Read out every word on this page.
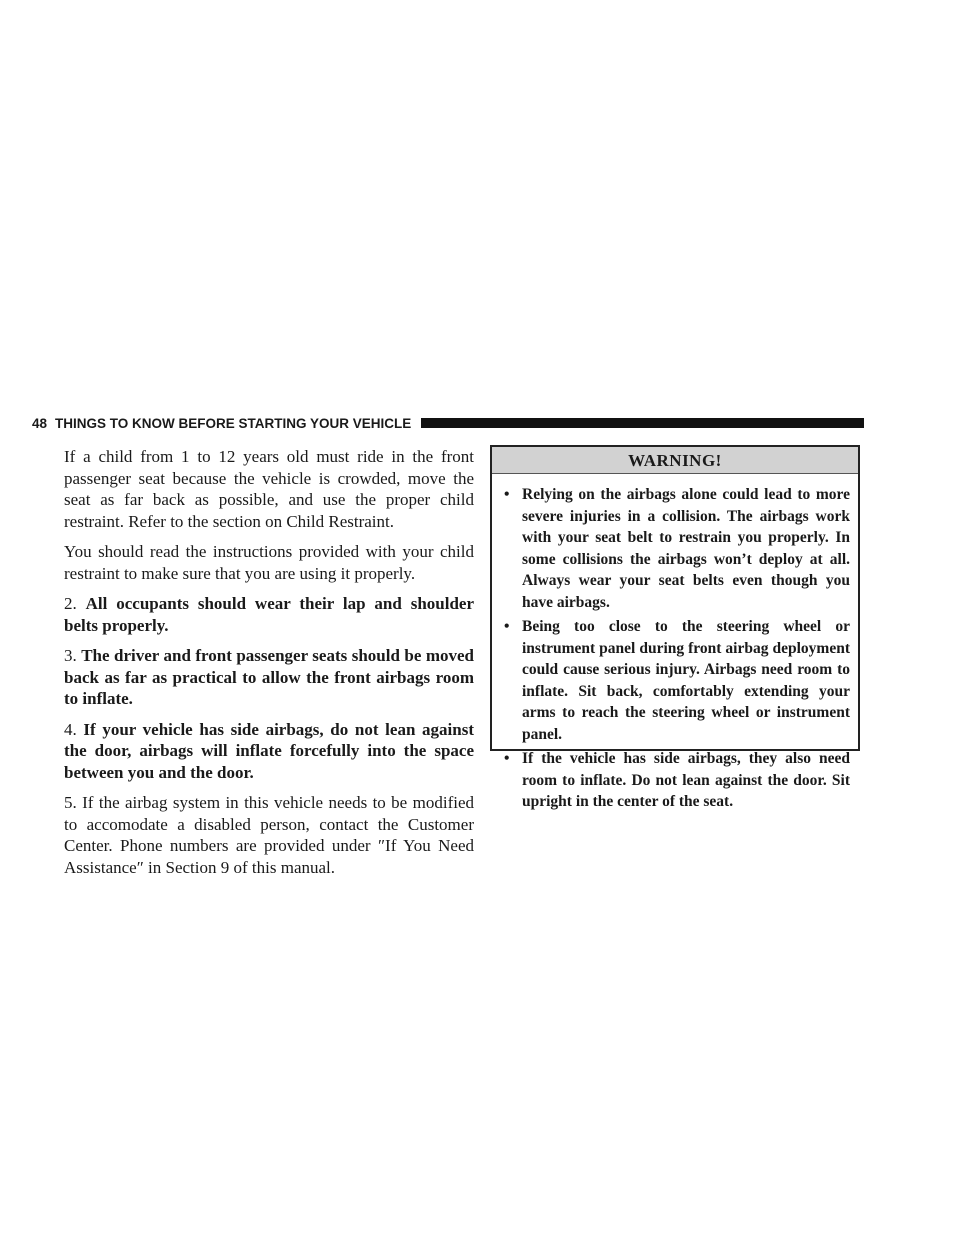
48 THINGS TO KNOW BEFORE STARTING YOUR VEHICLE

If a child from 1 to 12 years old must ride in the front passenger seat because the vehicle is crowded, move the seat as far back as possible, and use the proper child restraint. Refer to the section on Child Restraint.

You should read the instructions provided with your child restraint to make sure that you are using it properly.

2. All occupants should wear their lap and shoulder belts properly.

3. The driver and front passenger seats should be moved back as far as practical to allow the front airbags room to inflate.

4. If your vehicle has side airbags, do not lean against the door, airbags will inflate forcefully into the space between you and the door.

5. If the airbag system in this vehicle needs to be modified to accomodate a disabled person, contact the Customer Center. Phone numbers are provided under ″If You Need Assistance″ in Section 9 of this manual.

WARNING!
• Relying on the airbags alone could lead to more severe injuries in a collision. The airbags work with your seat belt to restrain you properly. In some collisions the airbags won’t deploy at all. Always wear your seat belts even though you have airbags.
• Being too close to the steering wheel or instrument panel during front airbag deployment could cause serious injury. Airbags need room to inflate. Sit back, comfortably extending your arms to reach the steering wheel or instrument panel.
• If the vehicle has side airbags, they also need room to inflate. Do not lean against the door. Sit upright in the center of the seat.
